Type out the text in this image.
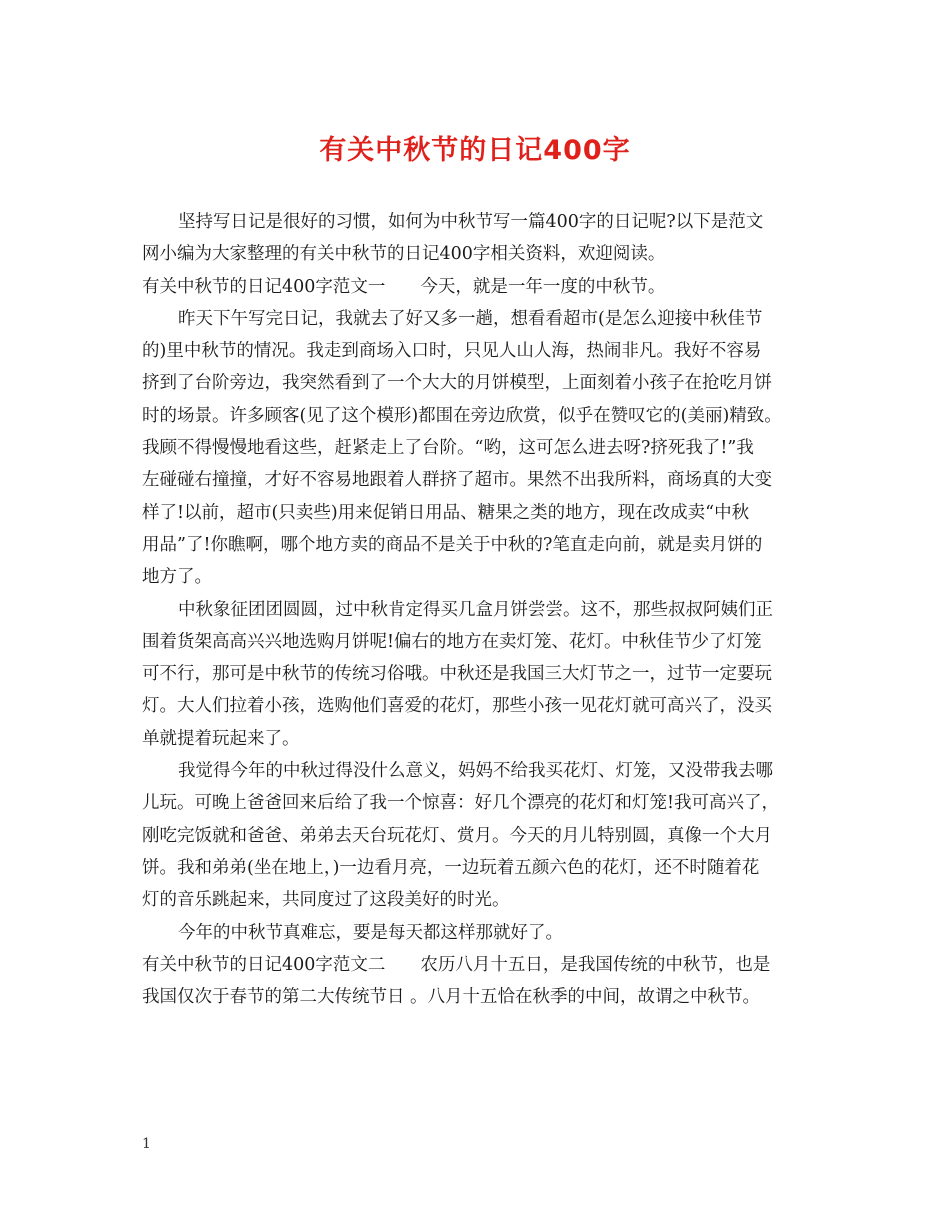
有关中秋节的日记400字
坚持写日记是很好的习惯，如何为中秋节写一篇400字的日记呢?以下是范文
网小编为大家整理的有关中秋节的日记400字相关资料，欢迎阅读。
有关中秋节的日记400字范文一　　今天，就是一年一度的中秋节。
昨天下午写完日记，我就去了好又多一趟，想看看超市(是怎么迎接中秋佳节
的)里中秋节的情况。我走到商场入口时，只见人山人海，热闹非凡。我好不容易
挤到了台阶旁边，我突然看到了一个大大的月饼模型，上面刻着小孩子在抢吃月饼
时的场景。许多顾客(见了这个模形)都围在旁边欣赏，似乎在赞叹它的(美丽)精致。
我顾不得慢慢地看这些，赶紧走上了台阶。“哟，这可怎么进去呀?挤死我了!”我
左碰碰右撞撞，才好不容易地跟着人群挤了超市。果然不出我所料，商场真的大变
样了!以前，超市(只卖些)用来促销日用品、糖果之类的地方，现在改成卖“中秋
用品”了!你瞧啊，哪个地方卖的商品不是关于中秋的?笔直走向前，就是卖月饼的
地方了。
中秋象征团团圆圆，过中秋肯定得买几盒月饼尝尝。这不，那些叔叔阿姨们正
围着货架高高兴兴地选购月饼呢!偏右的地方在卖灯笼、花灯。中秋佳节少了灯笼
可不行，那可是中秋节的传统习俗哦。中秋还是我国三大灯节之一，过节一定要玩
灯。大人们拉着小孩，选购他们喜爱的花灯，那些小孩一见花灯就可高兴了，没买
单就提着玩起来了。
我觉得今年的中秋过得没什么意义，妈妈不给我买花灯、灯笼，又没带我去哪
儿玩。可晚上爸爸回来后给了我一个惊喜：好几个漂亮的花灯和灯笼!我可高兴了，
刚吃完饭就和爸爸、弟弟去天台玩花灯、赏月。今天的月儿特别圆，真像一个大月
饼。我和弟弟(坐在地上，)一边看月亮，一边玩着五颜六色的花灯，还不时随着花
灯的音乐跳起来，共同度过了这段美好的时光。
今年的中秋节真难忘，要是每天都这样那就好了。
有关中秋节的日记400字范文二　　农历八月十五日，是我国传统的中秋节，也是
我国仅次于春节的第二大传统节日 。八月十五恰在秋季的中间，故谓之中秋节。
1
